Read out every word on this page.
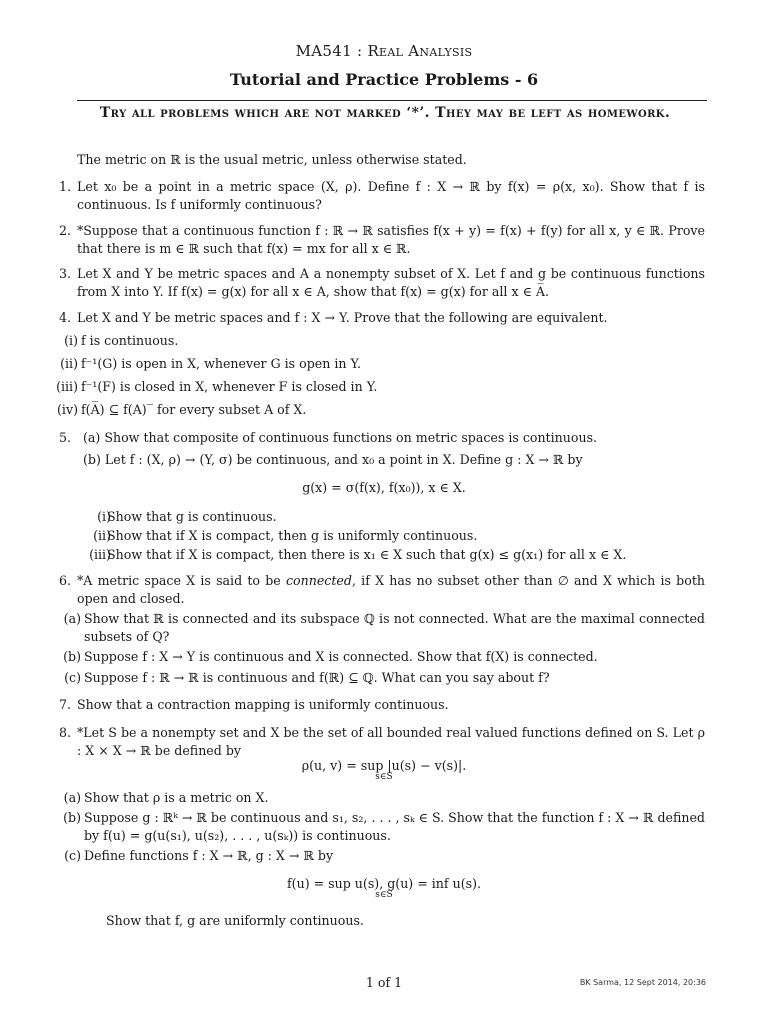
MA541 : Real Analysis
Tutorial and Practice Problems - 6
Try all problems which are not marked ‘*’. They may be left as homework.
The metric on ℝ is the usual metric, unless otherwise stated.
1. Let x₀ be a point in a metric space (X, ρ). Define f : X → ℝ by f(x) = ρ(x, x₀). Show that f is continuous. Is f uniformly continuous?
2. *Suppose that a continuous function f : ℝ → ℝ satisfies f(x + y) = f(x) + f(y) for all x, y ∈ ℝ. Prove that there is m ∈ ℝ such that f(x) = mx for all x ∈ ℝ.
3. Let X and Y be metric spaces and A a nonempty subset of X. Let f and g be continuous functions from X into Y. If f(x) = g(x) for all x ∈ A, show that f(x) = g(x) for all x ∈ A̅.
4. Let X and Y be metric spaces and f : X → Y. Prove that the following are equivalent.
(i) f is continuous.
(ii) f⁻¹(G) is open in X, whenever G is open in Y.
(iii) f⁻¹(F) is closed in X, whenever F is closed in Y.
(iv) f(A̅) ⊆ f(A)‾ for every subset A of X.
5. (a) Show that composite of continuous functions on metric spaces is continuous.
(b) Let f : (X, ρ) → (Y, σ) be continuous, and x₀ a point in X. Define g : X → ℝ by
g(x) = σ(f(x), f(x₀)), x ∈ X.
(i)
Show that g is continuous.
(ii)
Show that if X is compact, then g is uniformly continuous.
(iii)
Show that if X is compact, then there is x₁ ∈ X such that g(x) ≤ g(x₁) for all x ∈ X.
6. *A metric space X is said to be connected, if X has no subset other than ∅ and X which is both open and closed.
(a) Show that ℝ is connected and its subspace ℚ is not connected. What are the maximal connected subsets of Q?
(b) Suppose f : X → Y is continuous and X is connected. Show that f(X) is connected.
(c) Suppose f : ℝ → ℝ is continuous and f(ℝ) ⊆ ℚ. What can you say about f?
7. Show that a contraction mapping is uniformly continuous.
8. *Let S be a nonempty set and X be the set of all bounded real valued functions defined on S. Let ρ : X × X → ℝ be defined by
ρ(u, v) = sup |u(s) − v(s)|.
s∈S
(a) Show that ρ is a metric on X.
(b) Suppose g : ℝᵏ → ℝ be continuous and s₁, s₂, . . . , sₖ ∈ S. Show that the function f : X → ℝ defined by f(u) = g(u(s₁), u(s₂), . . . , u(sₖ)) is continuous.
(c) Define functions f : X → ℝ, g : X → ℝ by
f(u) = sup u(s), g(u) = inf u(s).
s∈S
Show that f, g are uniformly continuous.
1 of 1	BK Sarma, 12 Sept 2014, 20:36
